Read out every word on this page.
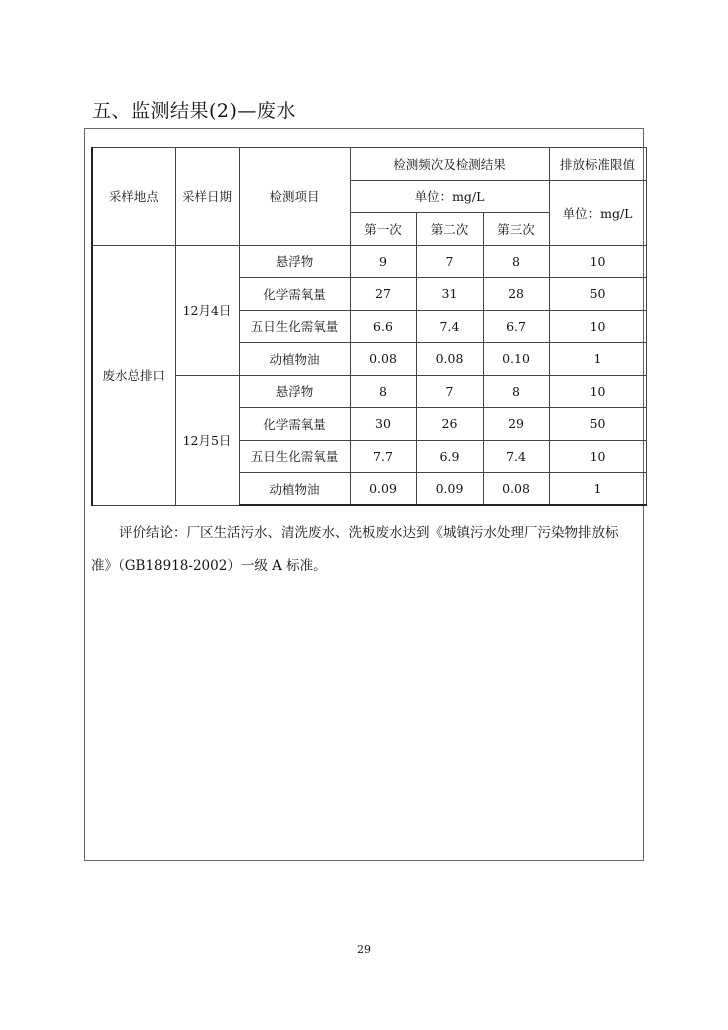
五、监测结果(2)—废水
采样地点	采样日期	检测项目	检测频次及检测结果			排放标准限值
			单位：mg/L			单位：mg/L
			第一次	第二次	第三次	
废水总排口	12月4日	悬浮物	9	7	8	10
		化学需氧量	27	31	28	50
		五日生化需氧量	6.6	7.4	6.7	10
		动植物油	0.08	0.08	0.10	1
	12月5日	悬浮物	8	7	8	10
		化学需氧量	30	26	29	50
		五日生化需氧量	7.7	6.9	7.4	10
		动植物油	0.09	0.09	0.08	1
评价结论：厂区生活污水、清洗废水、洗板废水达到《城镇污水处理厂污染物排放标准》（GB18918-2002）一级 A 标准。
29
